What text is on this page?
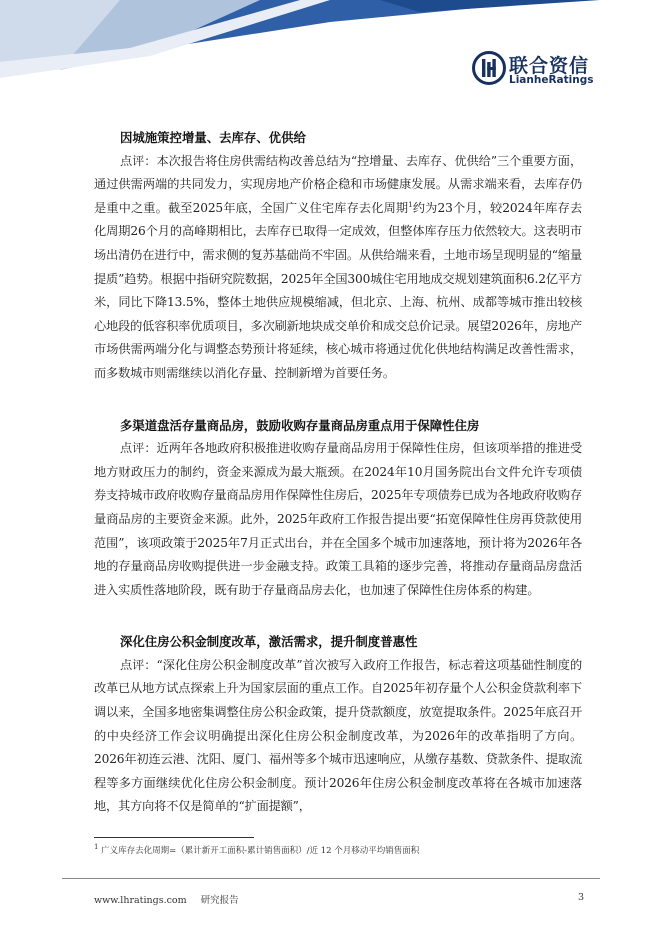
联合资信
LianheRatings
因城施策控增量、去库存、优供给

点评：本次报告将住房供需结构改善总结为“控增量、去库存、优供给”三个重要方面，通过供需两端的共同发力，实现房地产价格企稳和市场健康发展。从需求端来看，去库存仍是重中之重。截至2025年底，全国广义住宅库存去化周期$^1$约为23个月，较2024年库存去化周期26个月的高峰期相比，去库存已取得一定成效，但整体库存压力依然较大。这表明市场出清仍在进行中，需求侧的复苏基础尚不牢固。从供给端来看，土地市场呈现明显的“缩量提质”趋势。根据中指研究院数据，2025年全国300城住宅用地成交规划建筑面积6.2亿平方米，同比下降13.5%，整体土地供应规模缩减，但北京、上海、杭州、成都等城市推出较核心地段的低容积率优质项目，多次刷新地块成交单价和成交总价记录。展望2026年，房地产市场供需两端分化与调整态势预计将延续，核心城市将通过优化供地结构满足改善性需求，而多数城市则需继续以消化存量、控制新增为首要任务。

多渠道盘活存量商品房，鼓励收购存量商品房重点用于保障性住房

点评：近两年各地政府积极推进收购存量商品房用于保障性住房，但该项举措的推进受地方财政压力的制约，资金来源成为最大瓶颈。在2024年10月国务院出台文件允许专项债券支持城市政府收购存量商品房用作保障性住房后，2025年专项债券已成为各地政府收购存量商品房的主要资金来源。此外，2025年政府工作报告提出要“拓宽保障性住房再贷款使用范围”，该项政策于2025年7月正式出台，并在全国多个城市加速落地，预计将为2026年各地的存量商品房收购提供进一步金融支持。政策工具箱的逐步完善，将推动存量商品房盘活进入实质性落地阶段，既有助于存量商品房去化，也加速了保障性住房体系的构建。

深化住房公积金制度改革，激活需求，提升制度普惠性

点评：“深化住房公积金制度改革”首次被写入政府工作报告，标志着这项基础性制度的改革已从地方试点探索上升为国家层面的重点工作。自2025年初存量个人公积金贷款利率下调以来，全国多地密集调整住房公积金政策，提升贷款额度，放宽提取条件。2025年底召开的中央经济工作会议明确提出深化住房公积金制度改革，为2026年的改革指明了方向。2026年初连云港、沈阳、厦门、福州等多个城市迅速响应，从缴存基数、贷款条件、提取流程等多方面继续优化住房公积金制度。预计2026年住房公积金制度改革将在各城市加速落地，其方向将不仅是简单的“扩面提额”，

$^1$ 广义库存去化周期=（累计新开工面积-累计销售面积）/近 12 个月移动平均销售面积
www.lhratings.com 研究报告	3
